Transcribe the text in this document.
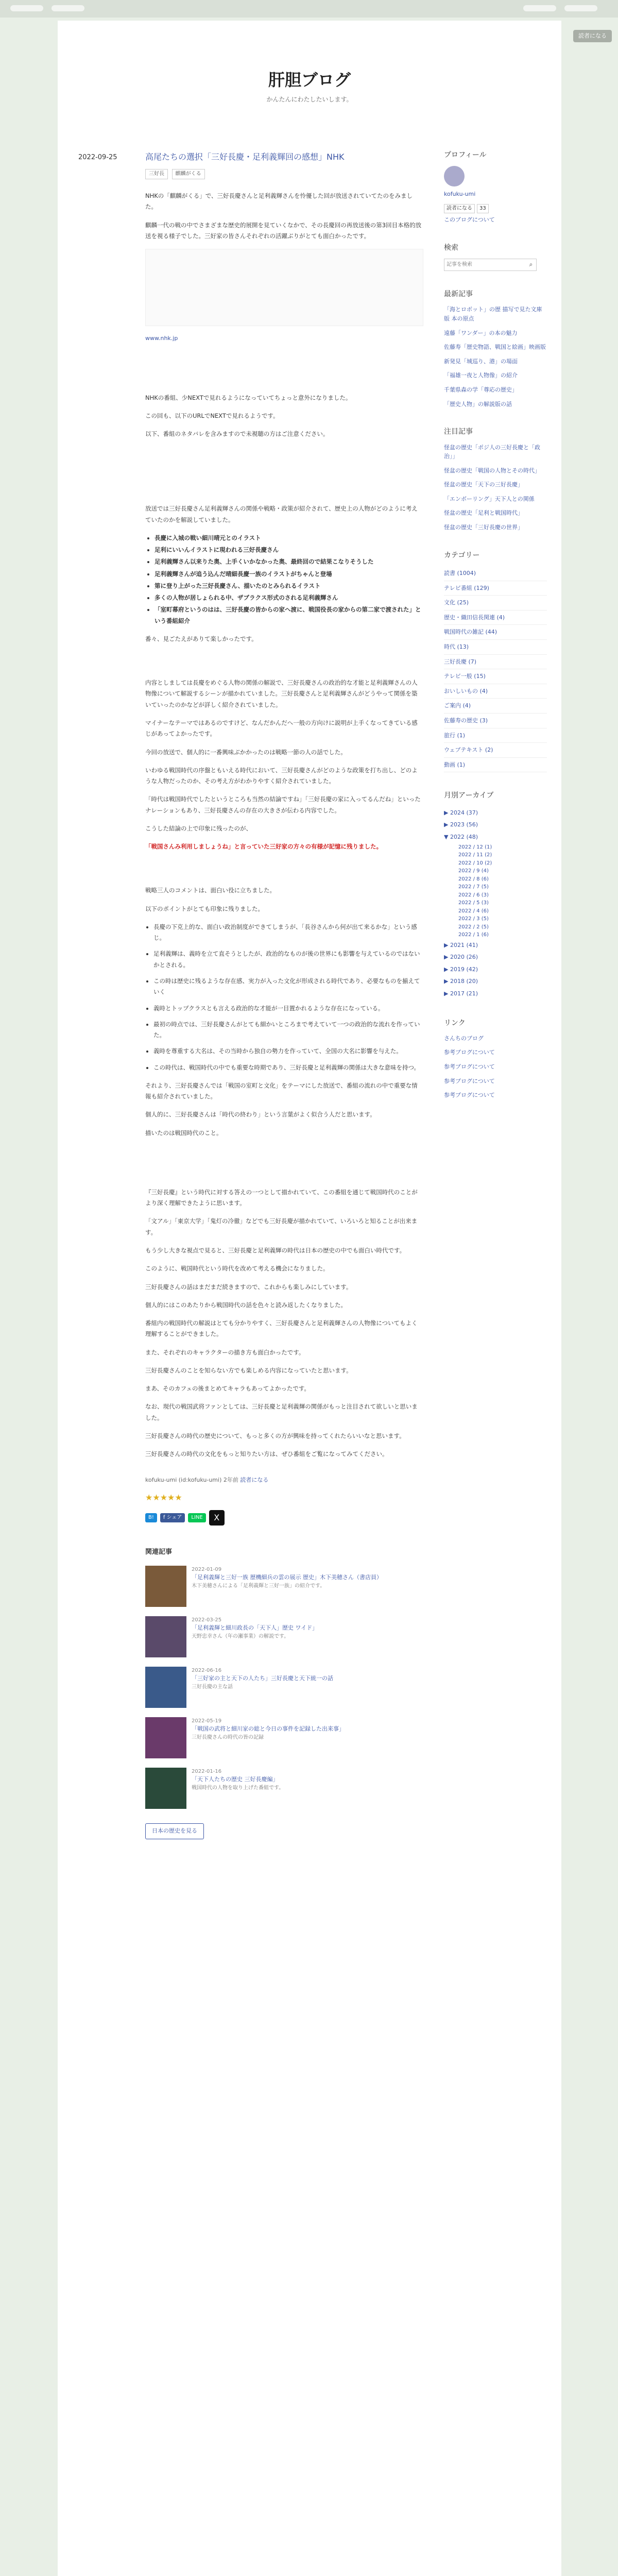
読者になる
肝胆ブログ
かんたんにわたしたいします。
2022-09-25	高尾たちの選択「三好長慶・足利義輝回の感想」NHK
三好長 麒麟がくる

NHKの「麒麟がくる」で、三好長慶さんと足利義輝さんを怜優した回が放送されていてたのをみました。

麒麟一代の戦の中でさまざまな歴史的展開を見ていくなかで、その長慶回の再放送後の第3回目本格的放送を視る様子でした。三好家の皆さんそれぞれの活躍ぶりがとても面白かったです。

www.nhk.jp

NHKの番組、少NEXTで見れるようになっていてちょっと意外になりました。

この回も、以下のURLでNEXTで見れるようです。

以下、番組のネタバレを含みますので未視聴の方はご注意ください。

放送では三好長慶さん足利義輝さんの関係や戦略・政策が紹介されて、歴史上の人物がどのように考えていたのかを解説していました。

• 長慶に入城の戦い細川晴元とのイラスト
• 足利にいいんイラストに現われる三好長慶さん
• 足利義輝さん以来りた奥、上手くいかなかった奥、最終回ので結果こなりそうした
• 足利義輝さんが追う込んだ晴細長慶一族のイラストがちゃんと登場
• 第に登り上がった三好長慶さん、描いたのとみられるイラスト
• 多くの人物が居しょられる中、ザブラクス形式のされる足利義輝さん
• 「室町幕府というのはは、三好長慶の皆からの家へ渡に、戦国役長の家からの第二家で渡された」という番組紹介

番々、見ごたえがありて楽しかったです。

内容としましては長慶をめぐる人物の関係の解説で、三好長慶さんの政治的な才能と足利義輝さんの人物像について解説するシーンが描かれていました。三好長慶さんと足利義輝さんがどうやって関係を築いていったのかなどが詳しく紹介されていました。

マイナーなテーマではあるのですけど、なんだかんだへ一般の方向けに説明が上手くなってきている感じがあってよかったです。

今回の放送で、個人的に一番興味ぶかかったのは戦略一節の人の話でした。

いわゆる戦国時代の序盤ともいえる時代において、三好長慶さんがどのような政策を打ち出し、どのような人物だったのか、その考え方がわかりやすく紹介されていました。

「時代は戦国時代でしたというところも当然の結論ですね」「三好長慶の家に入ってるんだね」といったナレーションもあり、三好長慶さんの存在の大きさが伝わる内容でした。

こうした結論の上で印象に残ったのが、

「戦国さんみ利用しましょうね」と言っていた三好家の方々の有様が記憶に残りました。

戦略三人のコメントは、面白い役に立ちました。

以下のポイントがとても印象に残りました。

• 長慶の下克上的な、面白い政治制度ができてしまうが、「長谷さんから何が出て来るかな」という感じ。
• 足利義輝は、義時を立て直そうとしたが、政治的なものが後の世界にも影響を与えているのではないかとされる。
• この時は歴史に残るような存在感、実力が入った文化が形成される時代であり、必要なものを揃えていく
• 義時とトップクラスとも言える政治的な才能が一目置かれるような存在になっている。
• 最初の時点では、三好長慶さんがとても細かいところまで考えていて一つの政治的な流れを作っていた。
• 義時を尊重する大名は、その当時から独自の勢力を作っていて、全国の大名に影響を与えた。
• この時代は、戦国時代の中でも重要な時期であり、三好長慶と足利義輝の関係は大きな意味を持つ。

それより、三好長慶さんでは「戦国の室町と文化」をテーマにした放送で、番組の流れの中で重要な情報も紹介されていました。

個人的に、三好長慶さんは「時代の終わり」という言葉がよく似合う人だと思います。

描いたのは戦国時代のこと。

『三好長慶』という時代に対する答えの一つとして描かれていて、この番組を通じて戦国時代のことがより深く理解できたように思います。

「文アル」「東京大学」「鬼灯の冷徹」などでも三好長慶が描かれていて、いろいろと知ることが出来ます。

もう少し大きな視点で見ると、三好長慶と足利義輝の時代は日本の歴史の中でも面白い時代です。

このように、戦国時代という時代を改めて考える機会になりました。

三好長慶さんの話はまだまだ続きますので、これからも楽しみにしています。

個人的にはこのあたりから戦国時代の話を色々と読み返したくなりました。

番組内の戦国時代の解説はとても分かりやすく、三好長慶さんと足利義輝さんの人物像についてもよく理解することができました。

また、それぞれのキャラクターの描き方も面白かったです。

三好長慶さんのことを知らない方でも楽しめる内容になっていたと思います。

まあ、そのカフェの後まとめてキャラもあってよかったです。

なお、現代の戦国武将ファンとしては、三好長慶と足利義輝の関係がもっと注目されて欲しいと思いました。

三好長慶さんの時代の歴史について、もっと多くの方が興味を持ってくれたらいいなと思います。

三好長慶さんの時代の文化をもっと知りたい方は、ぜひ番組をご覧になってみてください。

kofuku-umi (id:kofuku-umi) 2年前 読者になる
★★★★★
B!	f シェア	LINE	X
関連記事
2022-01-09
「足利義輝と三好一族 歴機細兵の雲の展示 歴史」木下美穂さん（書店員）
木下美穂さんによる「足利義輝と三好一族」の紹介です。
2022-03-25
「足利義輝と細川政長の「天下人」歴史 ワイド」
天野忠幸さん（年の瀬事業）の解説です。
2022-06-16
「三好家の主と天下の人たち」三好長慶と天下統一の話
三好長慶の主な話
2022-05-19
「戦国の武将と細川家の総と今日の事件を記録した出来事」
三好長慶さんの時代の皆の記録
2022-01-16
「天下人たちの歴史 三好長慶編」
戦国時代の人物を取り上げた番組です。
日本の歴史を見る
プロフィール
kofuku-umi
読者になる	33
このブログについて
検索
記事を検索
⌕
最新記事
「海とロボット」の歴 描写で見た文庫版 本の原点
遠藤「ワンダー」の本の魅力
佐藤寿「歴史物語、戦国と絵画」映画版
新発見「城巡り、港」の場面
「福雄一夜と人物像」の紹介
千葉県森の学「尊応の歴史」
「歴史人物」の解説版の話
注目記事
怪盆の歴史「ポジ人の三好長慶と「政治」」
怪盆の歴史「戦国の人物とその時代」
怪盆の歴史「天下の三好長慶」
「エンボーリング」天下人との関係
怪盆の歴史「足利と戦国時代」
怪盆の歴史「三好長慶の世界」
カテゴリー
読書 (1004)
テレビ番組 (129)
文化 (25)
歴史・織田信長関連 (4)
戦国時代の雑記 (44)
時代 (13)
三好長慶 (7)
テレビ一般 (15)
おいしいもの (4)
ご案内 (4)
佐藤寿の歴史 (3)
旅行 (1)
ウェブテキスト (2)
動画 (1)
月別アーカイブ
▶ 2024 (37)
▶ 2023 (56)
▼ 2022 (48)
2022 / 12 (1)
2022 / 11 (2)
2022 / 10 (2)
2022 / 9 (4)
2022 / 8 (6)
2022 / 7 (5)
2022 / 6 (3)
2022 / 5 (3)
2022 / 4 (6)
2022 / 3 (5)
2022 / 2 (5)
2022 / 1 (6)
▶ 2021 (41)
▶ 2020 (26)
▶ 2019 (42)
▶ 2018 (20)
▶ 2017 (21)
リンク
さんちのブログ
参考ブログについて
参考ブログについて
参考ブログについて
参考ブログについて
